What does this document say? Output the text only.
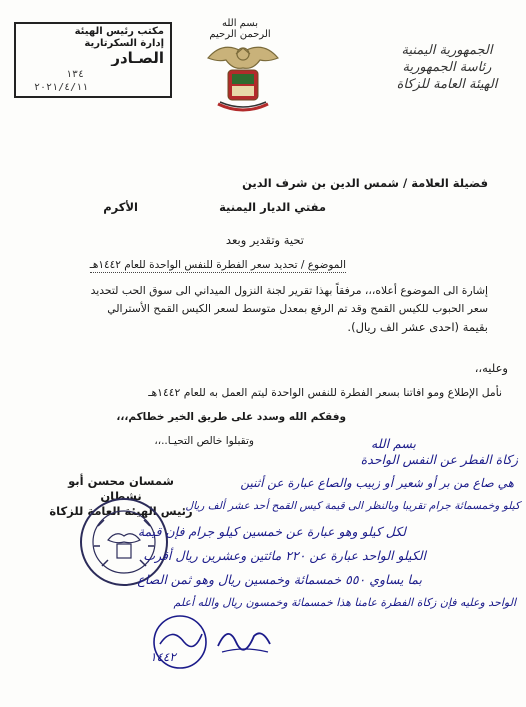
مكتب رئيس الهيئة
إدارة السكرتارية
الصـادر
١٣٤
٢٠٢١/٤/١١
بسم الله الرحمن الرحيم
الجمهورية اليمنية
رئاسة الجمهورية
الهيئة العامة للزكاة
فضيلة العلامة / شمس الدين بن شرف الدين
مفتي الديار اليمنية
الأكرم
تحية وتقدير وبعد
الموضوع / تحديد سعر الفطرة للنفس الواحدة للعام ١٤٤٢هـ
إشارة الى الموضوع أعلاه،،، مرفقاً بهذا تقرير لجنة النزول الميداني الى سوق الحب لتحديد
سعر الحبوب للكيس القمح وقد تم الرفع بمعدل متوسط لسعر الكيس القمح الأسترالي
بقيمة (احدى عشر الف ريال).
وعليه،،
نأمل الإطلاع ومو افاتنا بسعر الفطرة للنفس الواحدة ليتم العمل به للعام ١٤٤٢هـ
وفقكم الله وسدد على طريق الخير خطاكم،،،
وتقبلوا خالص التحيـا..،،
شمسان محسن أبو نشطان
رئيس الهيئة العامة للزكاة
بسم الله
زكاة الفطر عن النفس الواحدة
هي صاع من بر أو شعير أو زبيب والصاع عبارة عن أثنين
كيلو وخمسمائة جرام تقريبا وبالنظر الى قيمة كيس القمح أحد عشر ألف ريال
لكل كيلو وهو عبارة عن خمسين كيلو جرام فإن قيمة
الكيلو الواحد عبارة عن ٢٢٠ مائتين وعشرين ريال أقرب
بما يساوي ٥٥٠ خمسمائة وخمسين ريال وهو ثمن الصاع
الواحد وعليه فإن زكاة الفطرة عامنا هذا خمسمائة وخمسون ريال والله أعلم
١٤٤٢
